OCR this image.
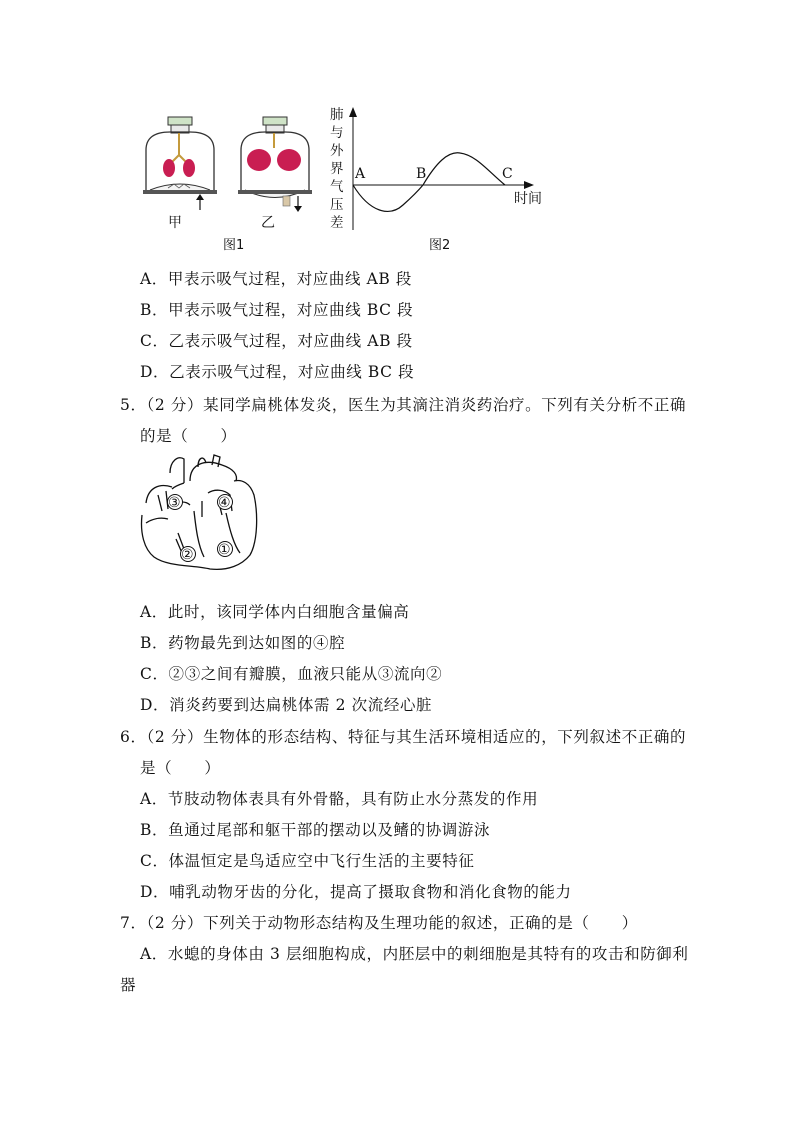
甲	乙
图1
肺
与
外
界
气
压
差
A	B	C
时间
图2
A．甲表示吸气过程，对应曲线 AB 段
B．甲表示吸气过程，对应曲线 BC 段
C．乙表示吸气过程，对应曲线 AB 段
D．乙表示吸气过程，对应曲线 BC 段
5．（2 分）某同学扁桃体发炎，医生为其滴注消炎药治疗。下列有关分析不正确
的是（　　）
①
②
③	④
A．此时，该同学体内白细胞含量偏高
B．药物最先到达如图的④腔
C．②③之间有瓣膜，血液只能从③流向②
D．消炎药要到达扁桃体需 2 次流经心脏
6．（2 分）生物体的形态结构、特征与其生活环境相适应的，下列叙述不正确的
是（　　）
A．节肢动物体表具有外骨骼，具有防止水分蒸发的作用
B．鱼通过尾部和躯干部的摆动以及鳍的协调游泳
C．体温恒定是鸟适应空中飞行生活的主要特征
D．哺乳动物牙齿的分化，提高了摄取食物和消化食物的能力
7．（2 分）下列关于动物形态结构及生理功能的叙述，正确的是（　　）
A．水螅的身体由 3 层细胞构成，内胚层中的刺细胞是其特有的攻击和防御利
器
